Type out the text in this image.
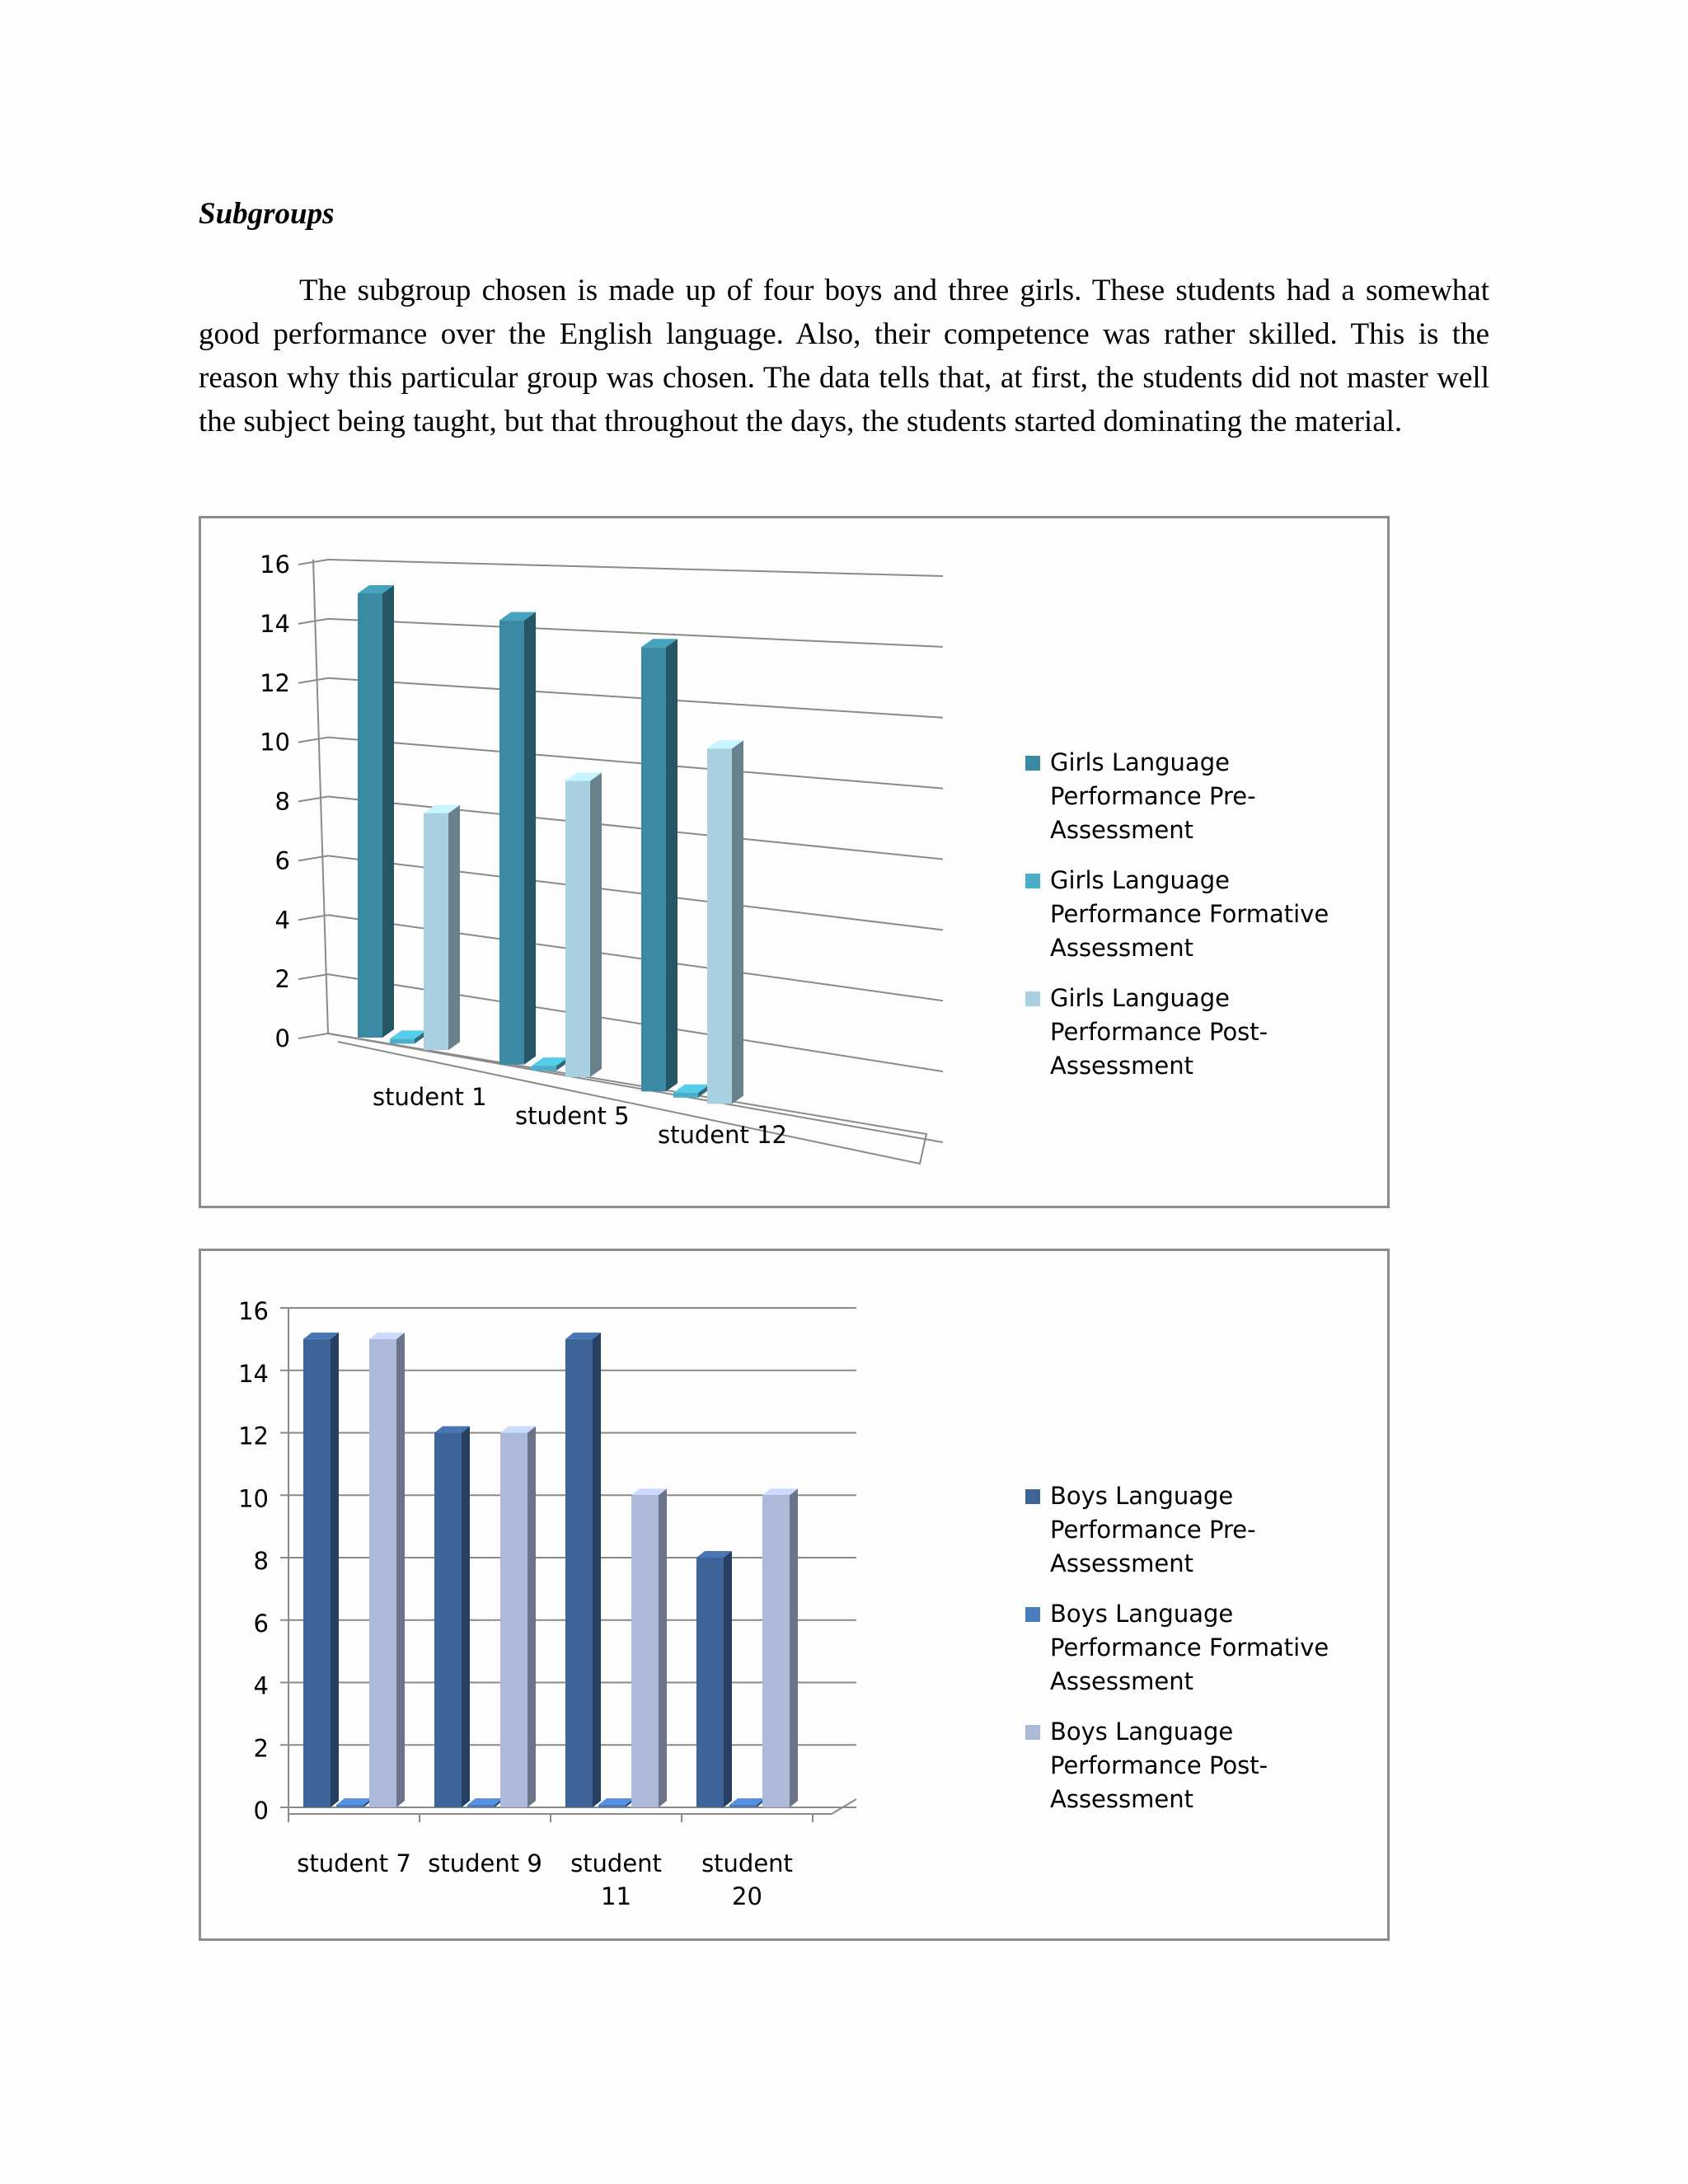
Subgroups

The subgroup chosen is made up of four boys and three girls. These students had a somewhat good performance over the English language. Also, their competence was rather skilled. This is the reason why this particular group was chosen. The data tells that, at first, the students did not master well the subject being taught, but that throughout the days, the students started dominating the material.

0
2
4
6
8
10
12
14
16
student 1
student 5
student 12
Girls Language Performance Pre-Assessment
Girls Language Performance Formative Assessment
Girls Language Performance Post-Assessment
0
2
4
6
8
10
12
14
16
student 7 student 9 student 11
student 20
Boys Language Performance Pre-Assessment
Boys Language Performance Formative Assessment
Boys Language Performance Post-Assessment
